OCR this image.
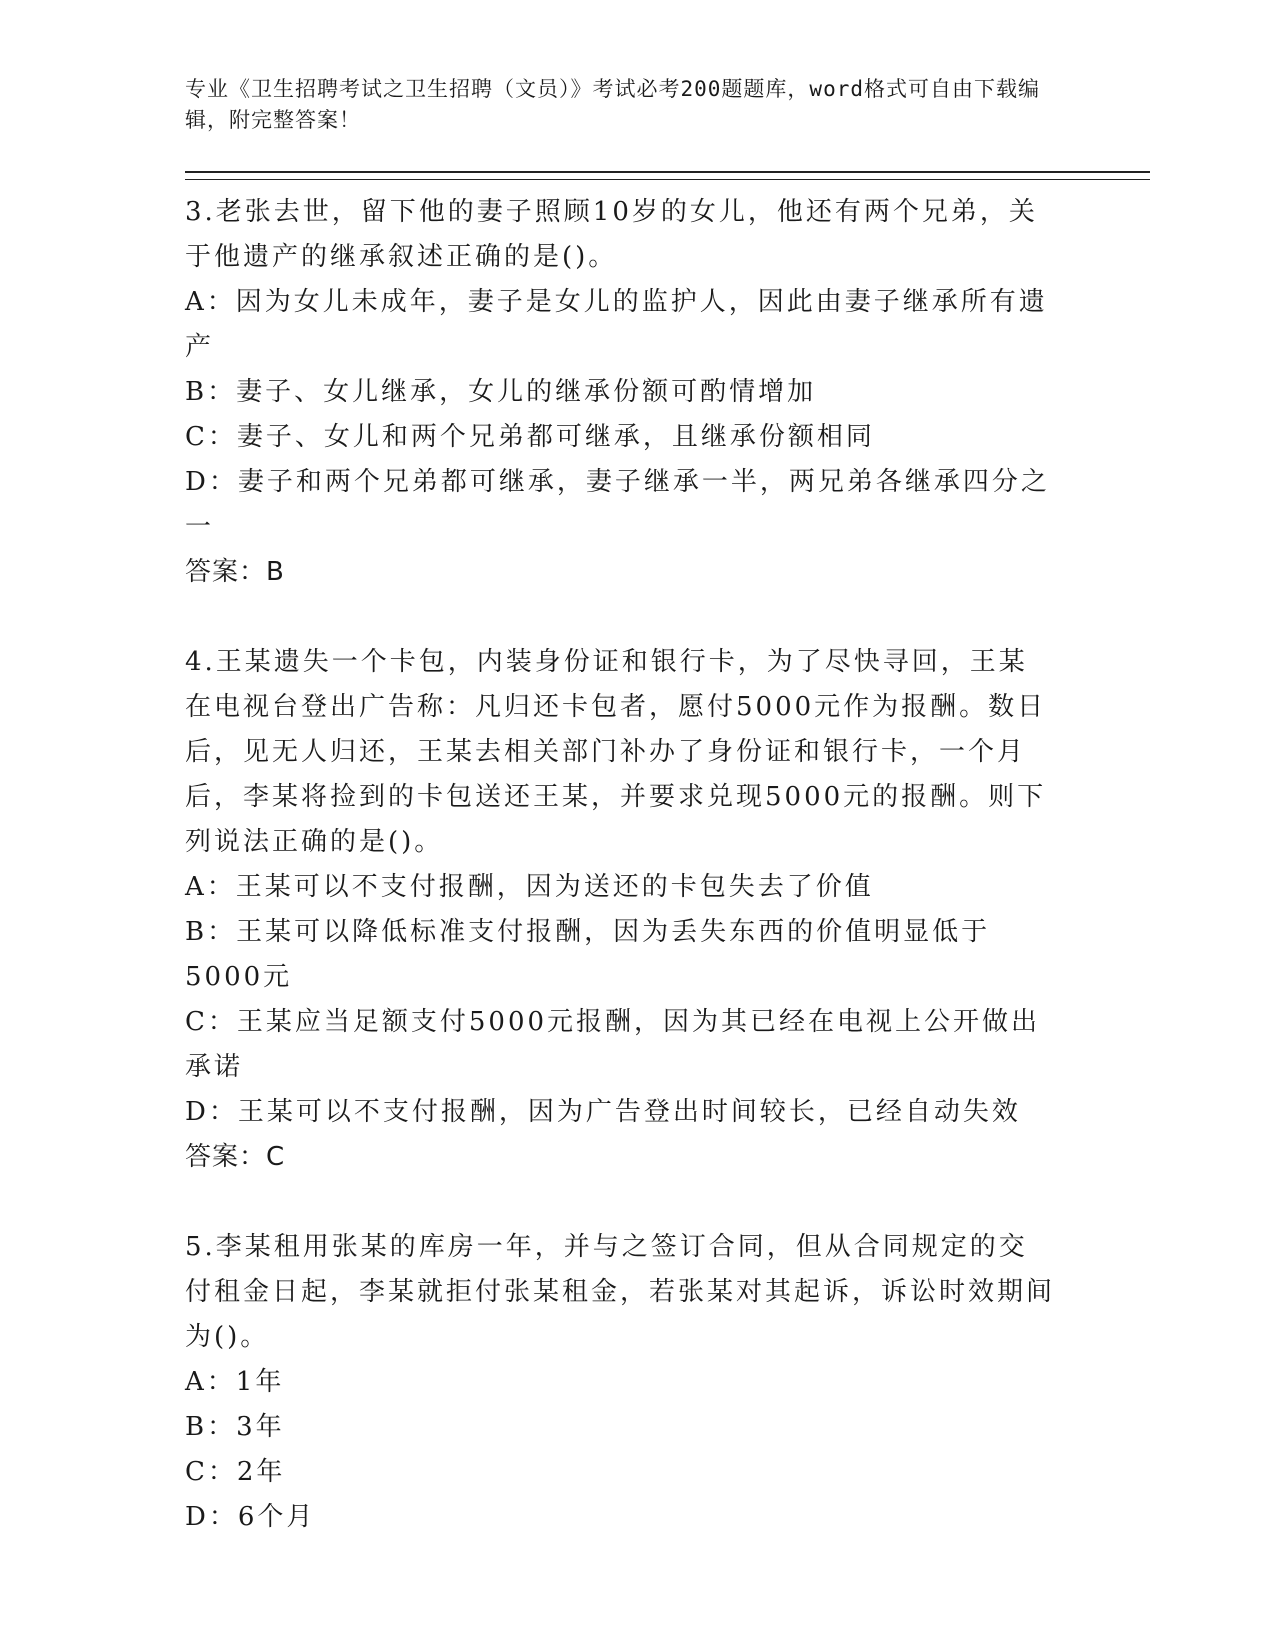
专业《卫生招聘考试之卫生招聘（文员）》考试必考200题题库，word格式可自由下载编辑，附完整答案！

3.老张去世，留下他的妻子照顾10岁的女儿，他还有两个兄弟，关于他遗产的继承叙述正确的是()。

A：因为女儿未成年，妻子是女儿的监护人，因此由妻子继承所有遗产

B：妻子、女儿继承，女儿的继承份额可酌情增加

C：妻子、女儿和两个兄弟都可继承，且继承份额相同

D：妻子和两个兄弟都可继承，妻子继承一半，两兄弟各继承四分之一

答案：B

4.王某遗失一个卡包，内装身份证和银行卡，为了尽快寻回，王某在电视台登出广告称：凡归还卡包者，愿付5000元作为报酬。数日后，见无人归还，王某去相关部门补办了身份证和银行卡，一个月后，李某将捡到的卡包送还王某，并要求兑现5000元的报酬。则下列说法正确的是()。

A：王某可以不支付报酬，因为送还的卡包失去了价值

B：王某可以降低标准支付报酬，因为丢失东西的价值明显低于5000元

C：王某应当足额支付5000元报酬，因为其已经在电视上公开做出承诺

D：王某可以不支付报酬，因为广告登出时间较长，已经自动失效

答案：C

5.李某租用张某的库房一年，并与之签订合同，但从合同规定的交付租金日起，李某就拒付张某租金，若张某对其起诉，诉讼时效期间为()。

A：1年

B：3年

C：2年

D：6个月
